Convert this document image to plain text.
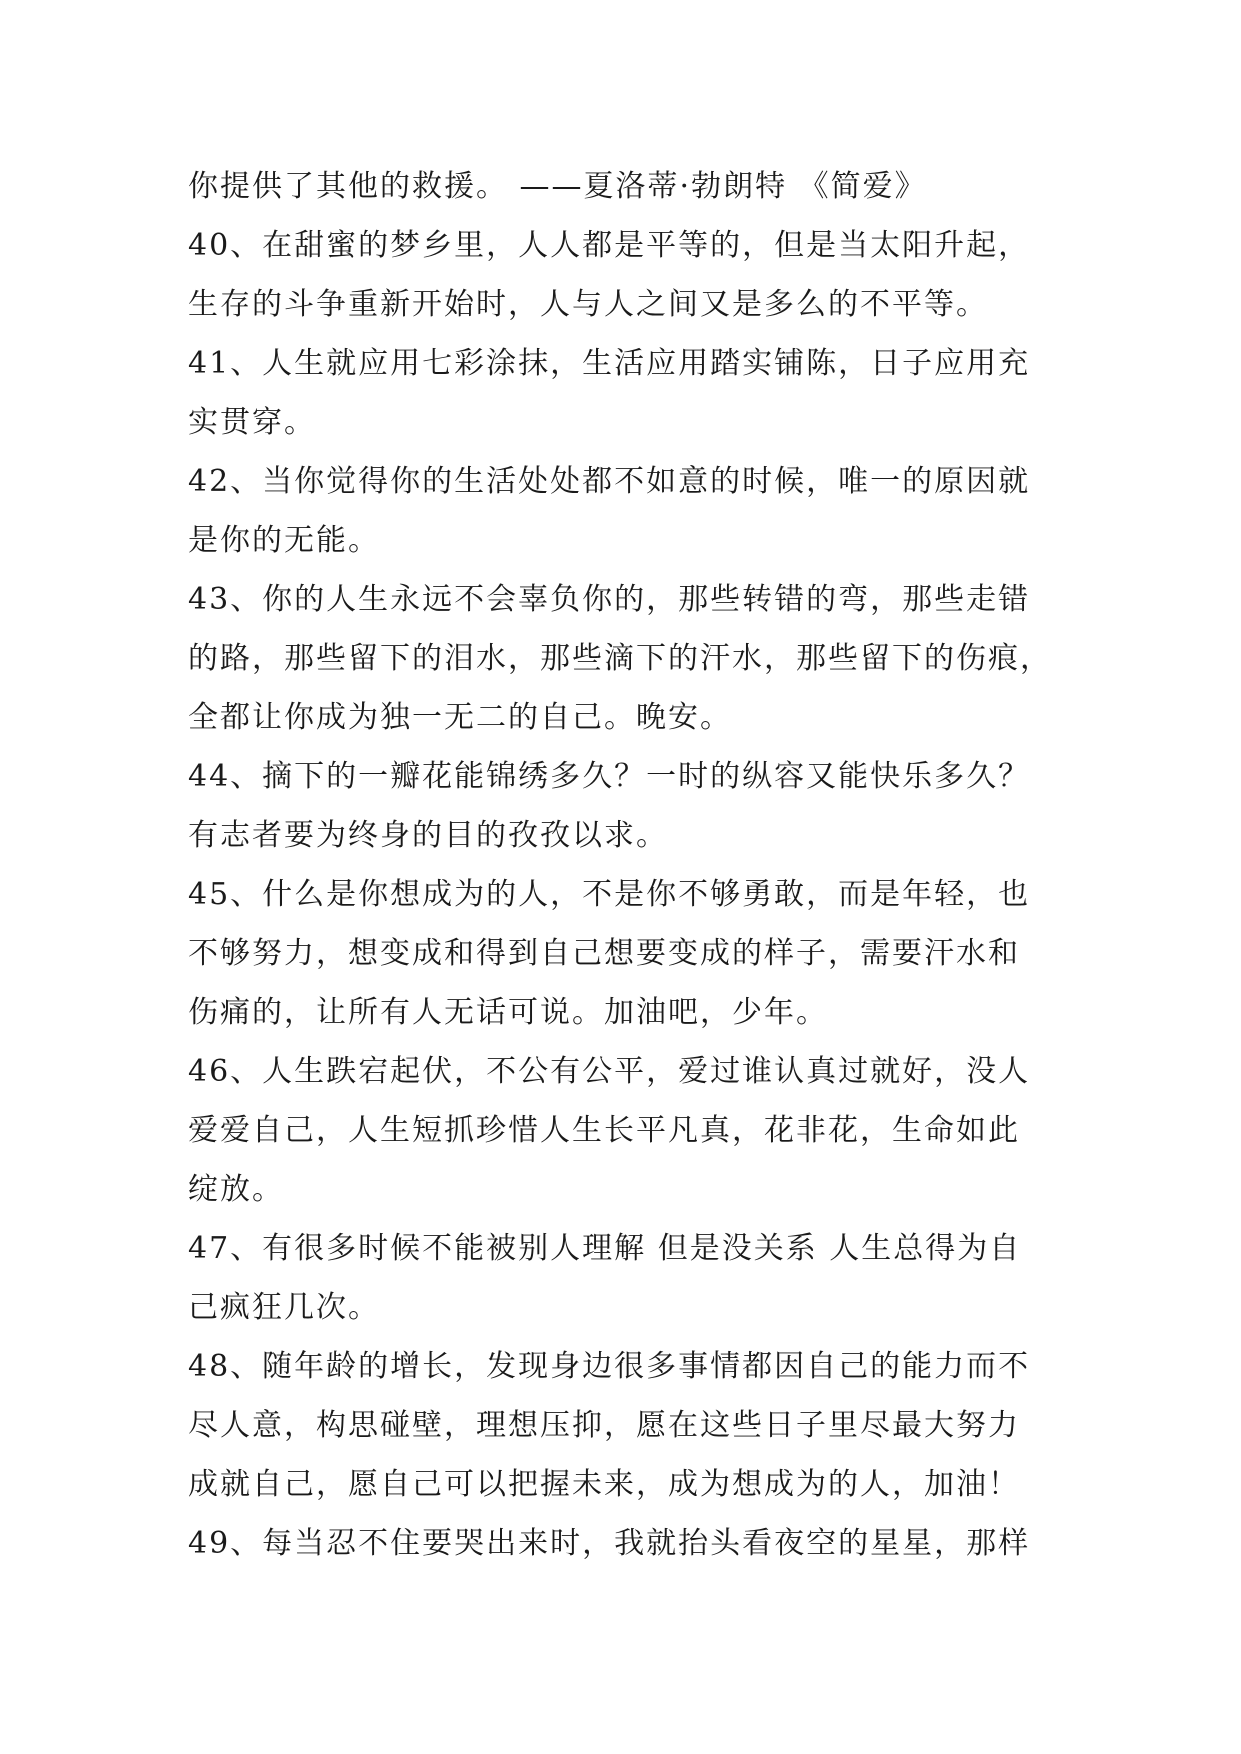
你提供了其他的救援。 ——夏洛蒂·勃朗特 《简爱》
40、在甜蜜的梦乡里，人人都是平等的，但是当太阳升起，
生存的斗争重新开始时，人与人之间又是多么的不平等。
41、人生就应用七彩涂抹，生活应用踏实铺陈，日子应用充
实贯穿。
42、当你觉得你的生活处处都不如意的时候，唯一的原因就
是你的无能。
43、你的人生永远不会辜负你的，那些转错的弯，那些走错
的路，那些留下的泪水，那些滴下的汗水，那些留下的伤痕，
全都让你成为独一无二的自己。晚安。
44、摘下的一瓣花能锦绣多久？一时的纵容又能快乐多久？
有志者要为终身的目的孜孜以求。
45、什么是你想成为的人，不是你不够勇敢，而是年轻，也
不够努力，想变成和得到自己想要变成的样子，需要汗水和
伤痛的，让所有人无话可说。加油吧，少年。
46、人生跌宕起伏，不公有公平，爱过谁认真过就好，没人
爱爱自己，人生短抓珍惜人生长平凡真，花非花，生命如此
绽放。
47、有很多时候不能被别人理解 但是没关系 人生总得为自
己疯狂几次。
48、随年龄的增长，发现身边很多事情都因自己的能力而不
尽人意，构思碰壁，理想压抑，愿在这些日子里尽最大努力
成就自己，愿自己可以把握未来，成为想成为的人，加油！
49、每当忍不住要哭出来时，我就抬头看夜空的星星，那样
